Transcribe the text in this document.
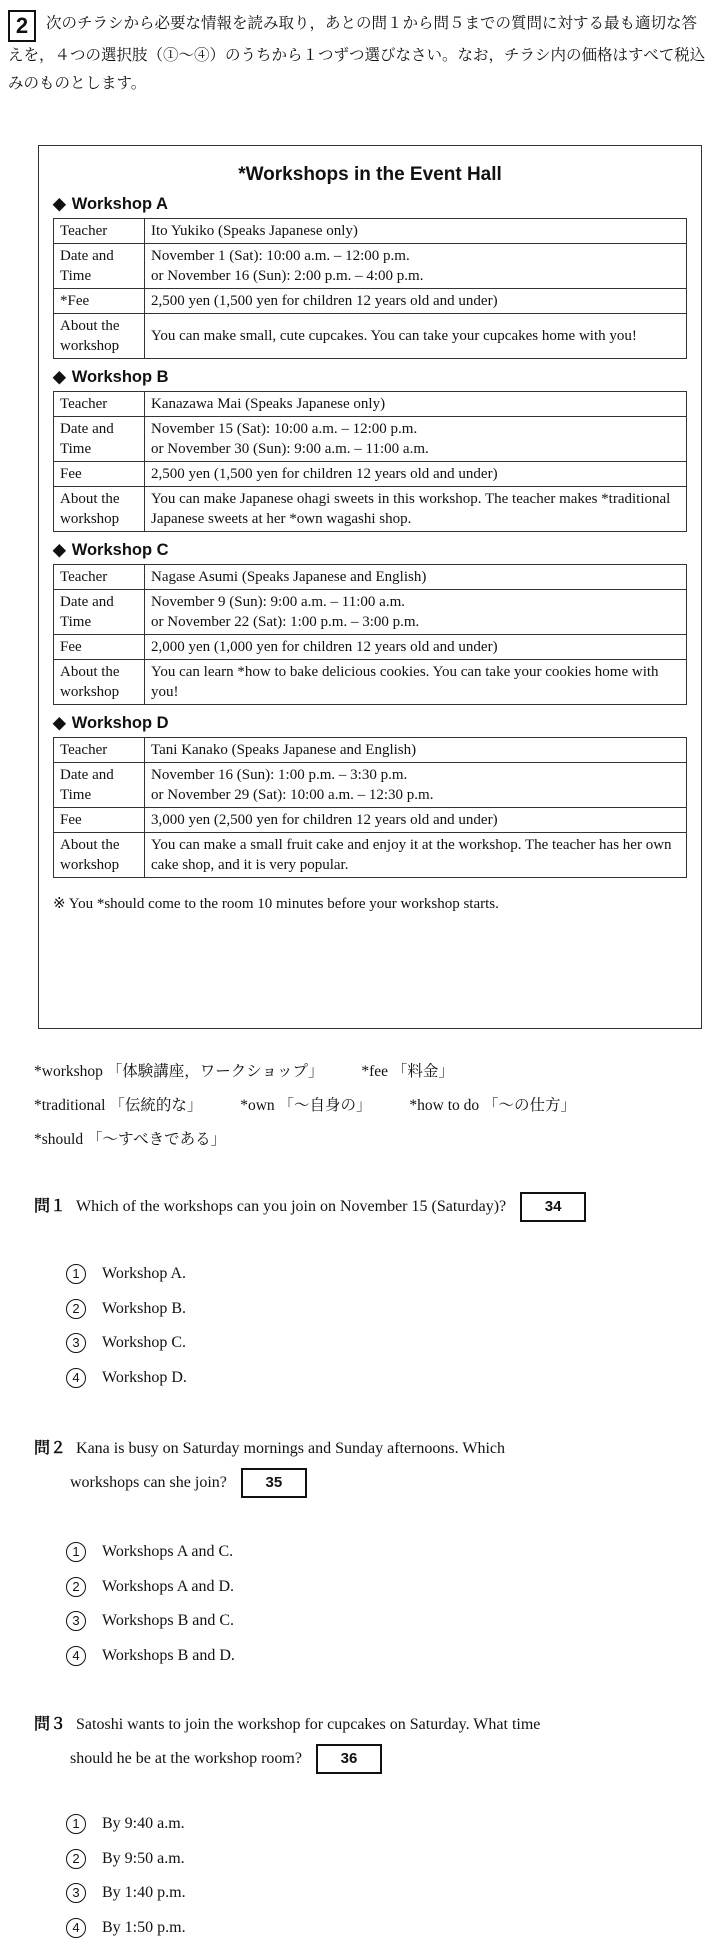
2 次のチラシから必要な情報を読み取り，あとの問１から問５までの質問に対する最も適切な答えを，４つの選択肢（①～④）のうちから１つずつ選びなさい。なお，チラシ内の価格はすべて税込みのものとします。
*Workshops in the Event Hall
◆ Workshop A
Teacher	Ito Yukiko (Speaks Japanese only)

Date and Time	November 1 (Sat): 10:00 a.m. – 12:00 p.m.
or November 16 (Sun): 2:00 p.m. – 4:00 p.m.

*Fee	2,500 yen (1,500 yen for children 12 years old and under)

About the workshop	You can make small, cute cupcakes. You can take your cupcakes home with you!
◆ Workshop B
Teacher	Kanazawa Mai (Speaks Japanese only)

Date and Time	November 15 (Sat): 10:00 a.m. – 12:00 p.m.
or November 30 (Sun): 9:00 a.m. – 11:00 a.m.

Fee	2,500 yen (1,500 yen for children 12 years old and under)

About the workshop	You can make Japanese ohagi sweets in this workshop. The teacher makes *traditional Japanese sweets at her *own wagashi shop.
◆ Workshop C
Teacher	Nagase Asumi (Speaks Japanese and English)

Date and Time	November 9 (Sun): 9:00 a.m. – 11:00 a.m.
or November 22 (Sat): 1:00 p.m. – 3:00 p.m.

Fee	2,000 yen (1,000 yen for children 12 years old and under)

About the workshop	You can learn *how to bake delicious cookies. You can take your cookies home with you!
◆ Workshop D
Teacher	Tani Kanako (Speaks Japanese and English)

Date and Time	November 16 (Sun): 1:00 p.m. – 3:30 p.m.
or November 29 (Sat): 10:00 a.m. – 12:30 p.m.

Fee	3,000 yen (2,500 yen for children 12 years old and under)

About the workshop	You can make a small fruit cake and enjoy it at the workshop. The teacher has her own cake shop, and it is very popular.
※ You *should come to the room 10 minutes before your workshop starts.
*workshop 「体験講座，ワークショップ」 *fee 「料金」
*traditional 「伝統的な」 *own 「～自身の」 *how to do 「～の仕方」
*should 「～すべきである」
問１ Which of the workshops can you join on November 15 (Saturday)?	34
1 Workshop A.
2 Workshop B.
3 Workshop C.
4 Workshop D.
問２ Kana is busy on Saturday mornings and Sunday afternoons. Which
workshops can she join?	35
1 Workshops A and C.
2 Workshops A and D.
3 Workshops B and C.
4 Workshops B and D.
問３ Satoshi wants to join the workshop for cupcakes on Saturday. What time
should he be at the workshop room?	36
1 By 9:40 a.m.
2 By 9:50 a.m.
3 By 1:40 p.m.
4 By 1:50 p.m.
